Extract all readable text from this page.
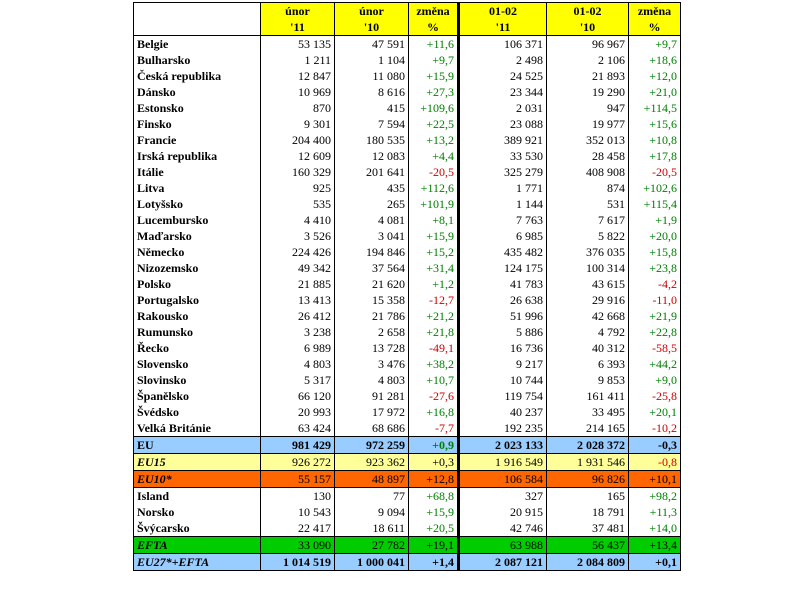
	únor	únor	změna	01-02	01-02	změna
	'11	'10	%	'11	'10	%
Belgie	53 135	47 591	+11,6	106 371	96 967	+9,7
Bulharsko	1 211	1 104	+9,7	2 498	2 106	+18,6
Česká republika	12 847	11 080	+15,9	24 525	21 893	+12,0
Dánsko	10 969	8 616	+27,3	23 344	19 290	+21,0
Estonsko	870	415	+109,6	2 031	947	+114,5
Finsko	9 301	7 594	+22,5	23 088	19 977	+15,6
Francie	204 400	180 535	+13,2	389 921	352 013	+10,8
Irská republika	12 609	12 083	+4,4	33 530	28 458	+17,8
Itálie	160 329	201 641	-20,5	325 279	408 908	-20,5
Litva	925	435	+112,6	1 771	874	+102,6
Lotyšsko	535	265	+101,9	1 144	531	+115,4
Lucembursko	4 410	4 081	+8,1	7 763	7 617	+1,9
Maďarsko	3 526	3 041	+15,9	6 985	5 822	+20,0
Německo	224 426	194 846	+15,2	435 482	376 035	+15,8
Nizozemsko	49 342	37 564	+31,4	124 175	100 314	+23,8
Polsko	21 885	21 620	+1,2	41 783	43 615	-4,2
Portugalsko	13 413	15 358	-12,7	26 638	29 916	-11,0
Rakousko	26 412	21 786	+21,2	51 996	42 668	+21,9
Rumunsko	3 238	2 658	+21,8	5 886	4 792	+22,8
Řecko	6 989	13 728	-49,1	16 736	40 312	-58,5
Slovensko	4 803	3 476	+38,2	9 217	6 393	+44,2
Slovinsko	5 317	4 803	+10,7	10 744	9 853	+9,0
Španělsko	66 120	91 281	-27,6	119 754	161 411	-25,8
Švédsko	20 993	17 972	+16,8	40 237	33 495	+20,1
Velká Británie	63 424	68 686	-7,7	192 235	214 165	-10,2
EU	981 429	972 259	+0,9	2 023 133	2 028 372	-0,3
EU15	926 272	923 362	+0,3	1 916 549	1 931 546	-0,8
EU10*	55 157	48 897	+12,8	106 584	96 826	+10,1
Island	130	77	+68,8	327	165	+98,2
Norsko	10 543	9 094	+15,9	20 915	18 791	+11,3
Švýcarsko	22 417	18 611	+20,5	42 746	37 481	+14,0
EFTA	33 090	27 782	+19,1	63 988	56 437	+13,4
EU27*+EFTA	1 014 519	1 000 041	+1,4	2 087 121	2 084 809	+0,1
